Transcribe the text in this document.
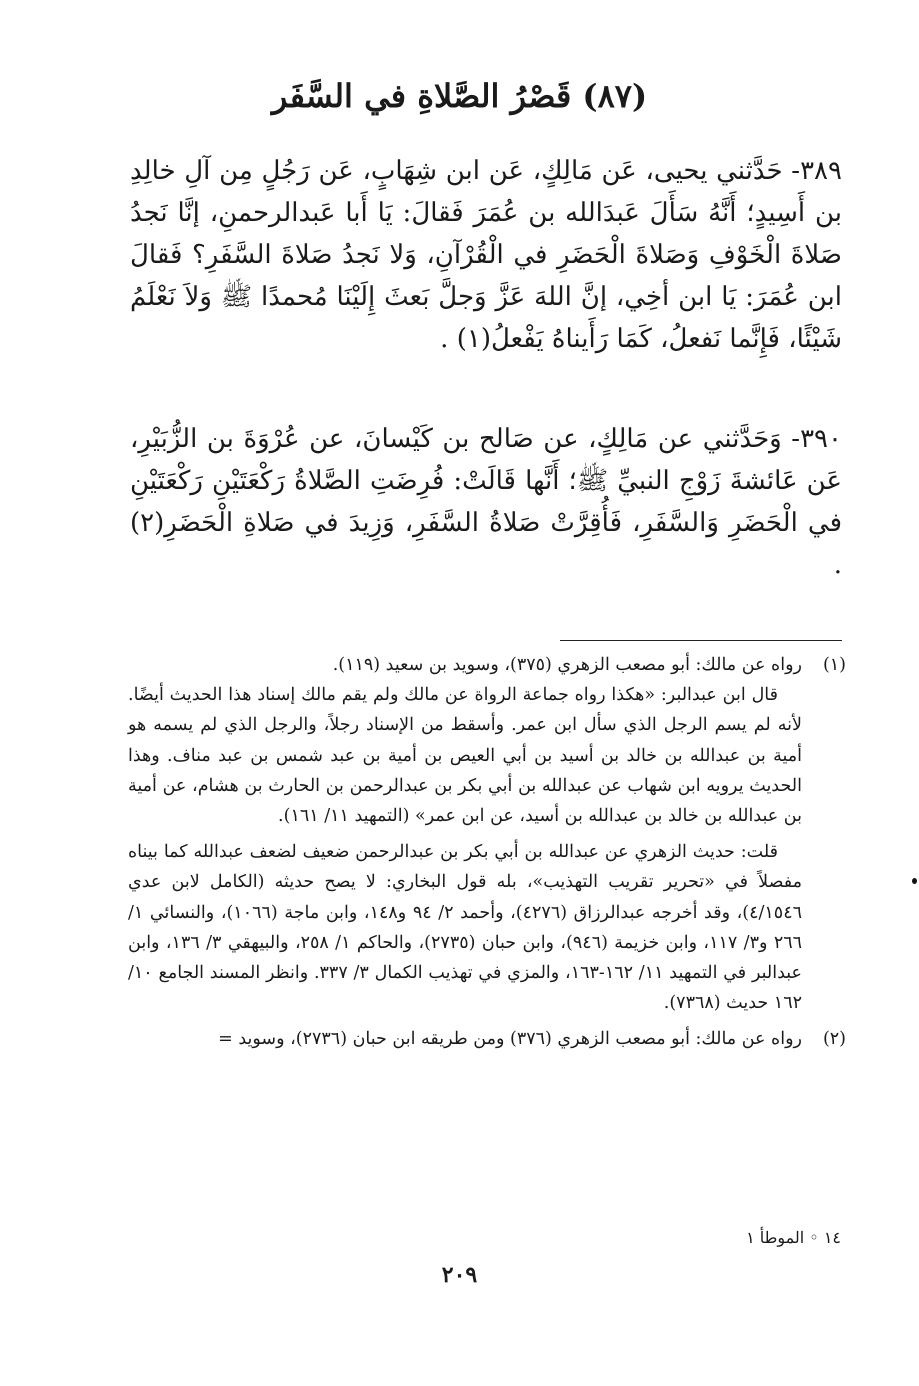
(٨٧) قَصْرُ الصَّلاةِ في السَّفَر

٣٨٩- حَدَّثني يحيى، عَن مَالِكٍ، عَن ابن شِهَابٍ، عَن رَجُلٍ مِن آلِ خالِدِ بن أَسِيدٍ؛ أَنَّهُ سَأَلَ عَبدَالله بن عُمَرَ فَقالَ: يَا أَبا عَبدالرحمنِ، إنَّا نَجدُ صَلاةَ الْخَوْفِ وَصَلاةَ الْحَضَرِ في الْقُرْآنِ، وَلا نَجدُ صَلاةَ السَّفَرِ؟ فَقالَ ابن عُمَرَ: يَا ابن أخِي، إنَّ اللهَ عَزَّ وَجلَّ بَعثَ إِلَيْنَا مُحمدًا ﷺ وَلاَ نَعْلَمُ شَيْئًا، فَإِنَّما نَفعلُ، كَمَا رَأَيناهُ يَفْعلُ(١) .

٣٩٠- وَحَدَّثني عن مَالِكٍ، عن صَالح بن كَيْسانَ، عن عُرْوَةَ بن الزُّبَيْرِ، عَن عَائشةَ زَوْجِ النبيِّ ﷺ؛ أَنَّها قَالَتْ: فُرِضَتِ الصَّلاةُ رَكْعَتَيْنِ رَكْعَتَيْنِ في الْحَضَرِ وَالسَّفَرِ، فَأُقِرَّتْ صَلاةُ السَّفَرِ، وَزِيدَ في صَلاةِ الْحَضَرِ(٢) .

(١)رواه عن مالك: أبو مصعب الزهري (٣٧٥)، وسويد بن سعيد (١١٩).

قال ابن عبدالبر: «هكذا رواه جماعة الرواة عن مالك ولم يقم مالك إسناد هذا الحديث أيضًا. لأنه لم يسم الرجل الذي سأل ابن عمر. وأسقط من الإسناد رجلاً، والرجل الذي لم يسمه هو أمية بن عبدالله بن خالد بن أسيد بن أبي العيص بن أمية بن عبد شمس بن عبد مناف. وهذا الحديث يرويه ابن شهاب عن عبدالله بن أبي بكر بن عبدالرحمن بن الحارث بن هشام، عن أمية بن عبدالله بن خالد بن عبدالله بن أسيد، عن ابن عمر» (التمهيد ١١/ ١٦١).

قلت: حديث الزهري عن عبدالله بن أبي بكر بن عبدالرحمن ضعيف لضعف عبدالله كما بيناه مفصلاً في «تحرير تقريب التهذيب»، بله قول البخاري: لا يصح حديثه (الكامل لابن عدي ٤/١٥٤٦)، وقد أخرجه عبدالرزاق (٤٢٧٦)، وأحمد ٢/ ٩٤ و١٤٨، وابن ماجة (١٠٦٦)، والنسائي ١/ ٢٦٦ و٣/ ١١٧، وابن خزيمة (٩٤٦)، وابن حبان (٢٧٣٥)، والحاكم ١/ ٢٥٨، والبيهقي ٣/ ١٣٦، وابن عبدالبر في التمهيد ١١/ ١٦٢-١٦٣، والمزي في تهذيب الكمال ٣/ ٣٣٧. وانظر المسند الجامع ١٠/ ١٦٢ حديث (٧٣٦٨).

(٢)رواه عن مالك: أبو مصعب الزهري (٣٧٦) ومن طريقه ابن حبان (٢٧٣٦)، وسويد =

١٤ ◦ الموطأ ١
٢٠٩
